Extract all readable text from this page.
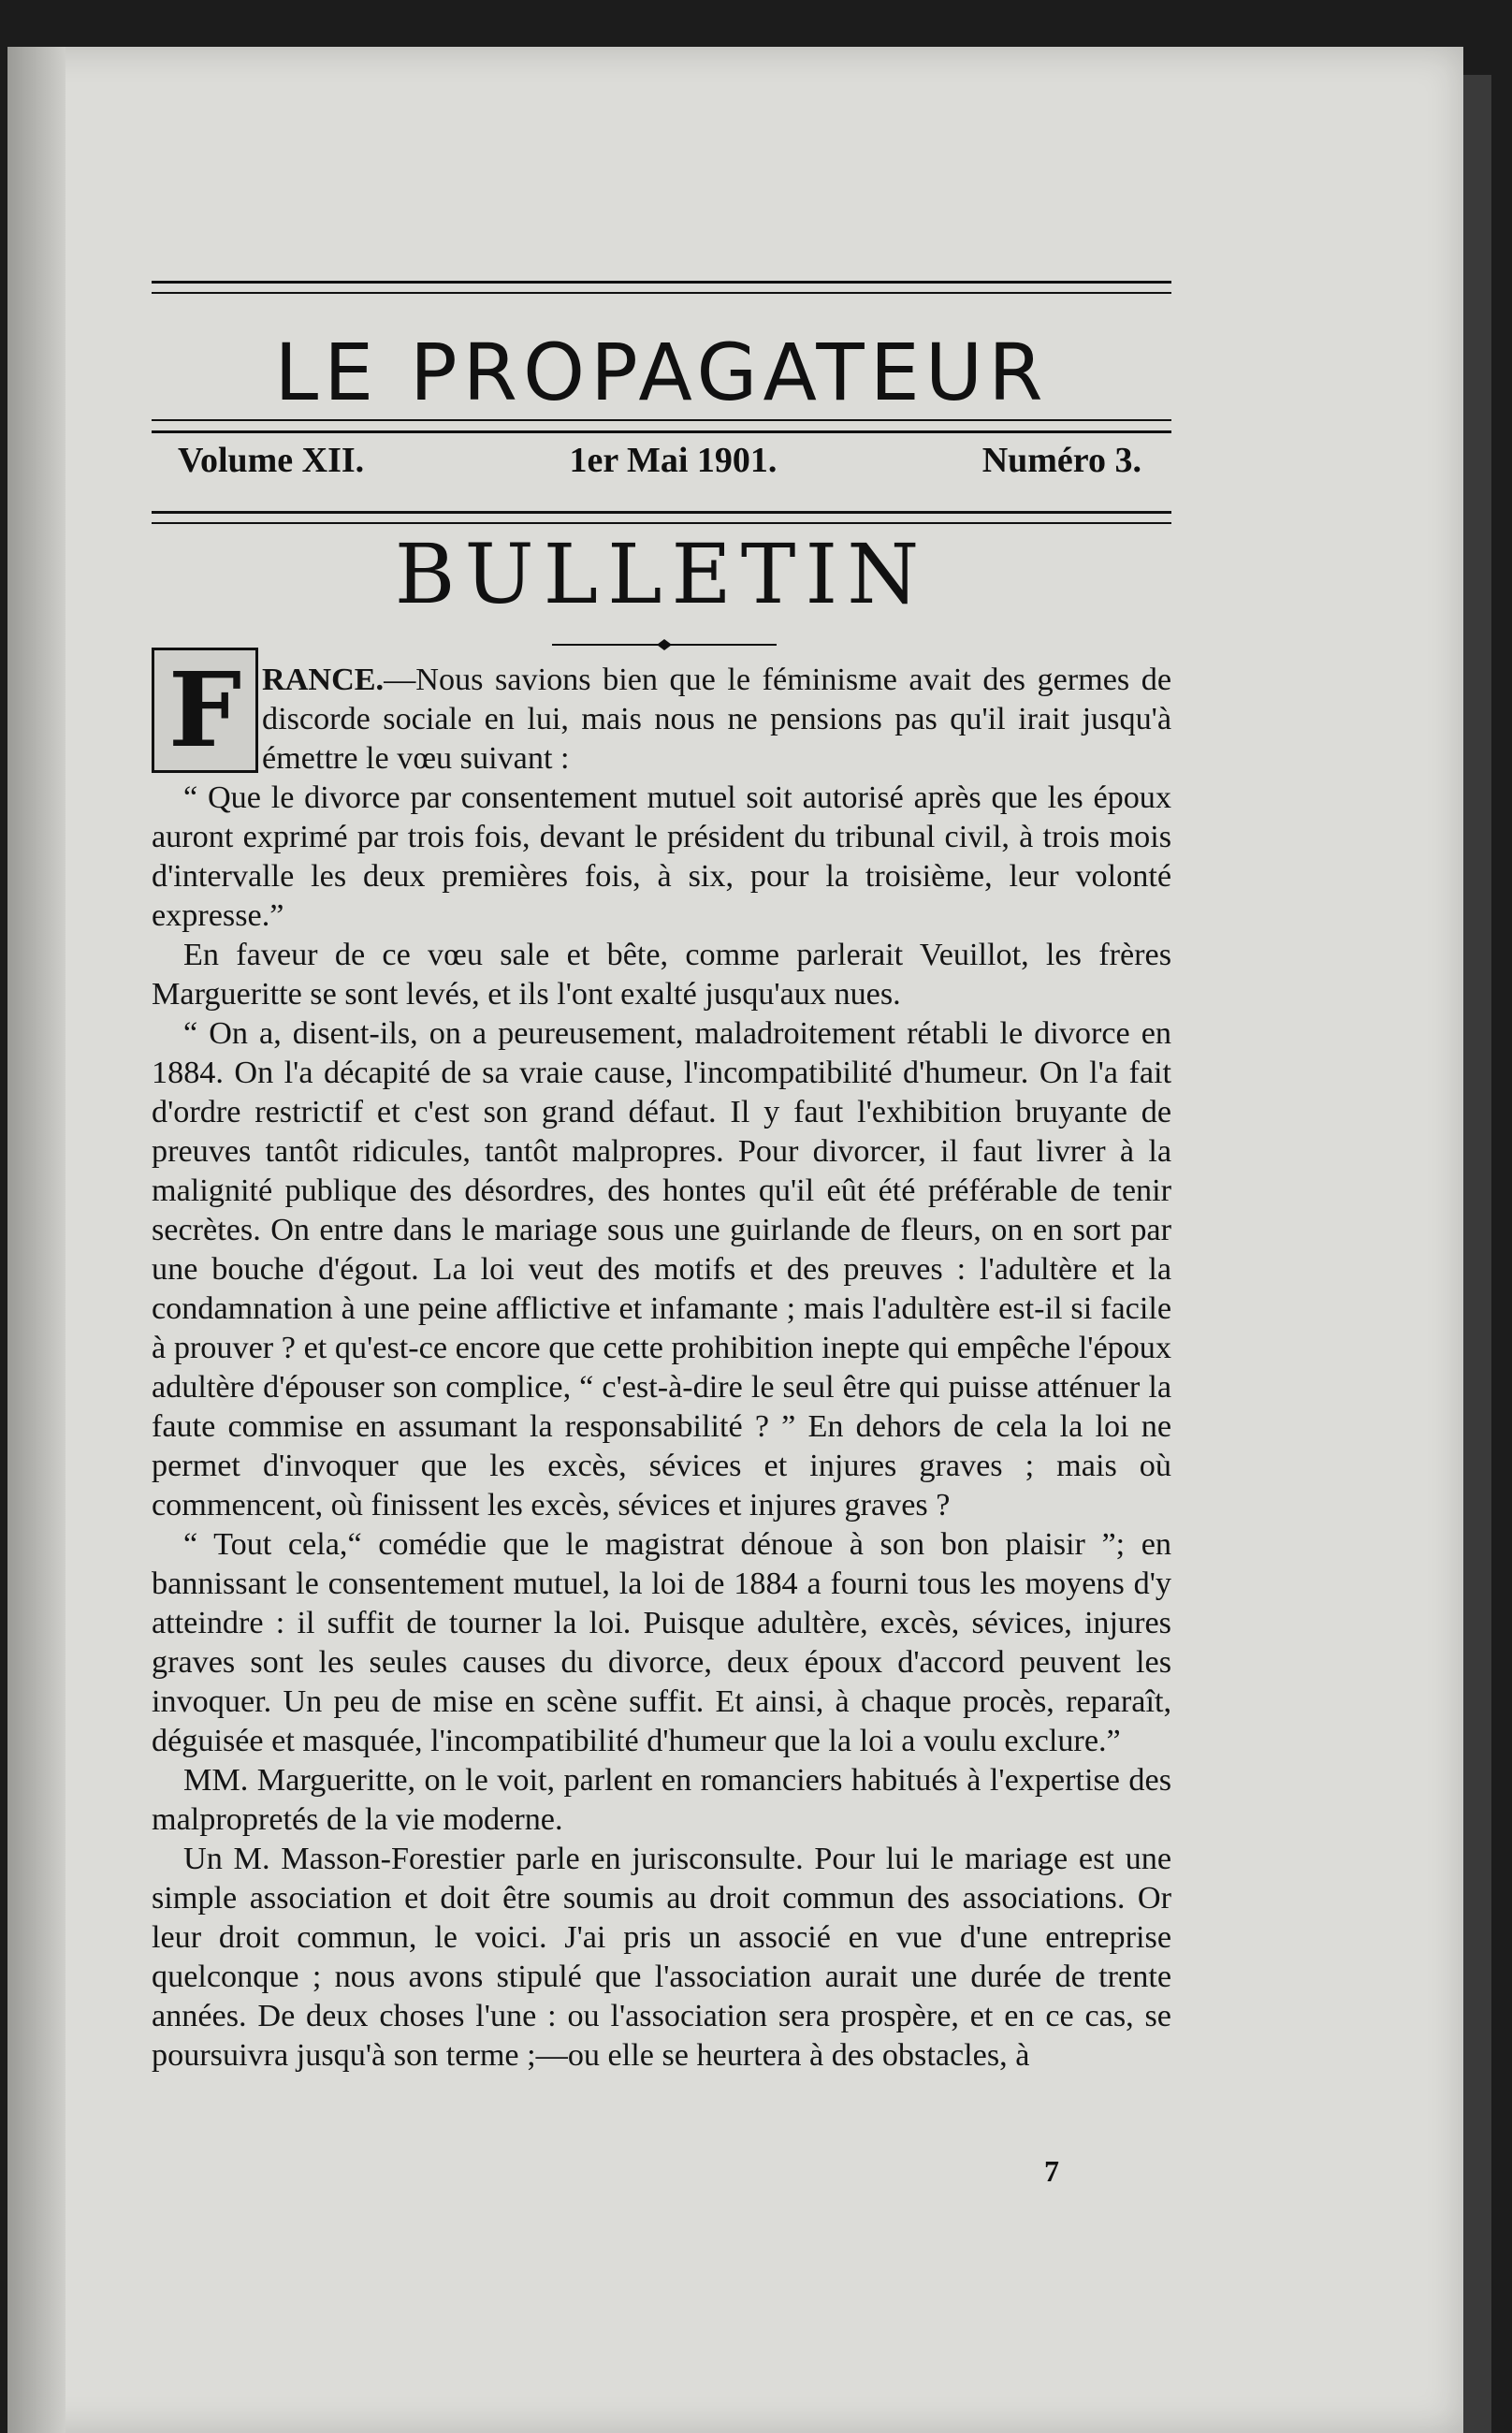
LE PROPAGATEUR
Volume XII.	1er Mai 1901.	Numéro 3.
BULLETIN
F RANCE.—Nous savions bien que le féminisme avait des germes de discorde sociale en lui, mais nous ne pensions pas qu'il irait jusqu'à émettre le vœu suivant :

“ Que le divorce par consentement mutuel soit autorisé après que les époux auront exprimé par trois fois, devant le président du tribunal civil, à trois mois d'intervalle les deux premières fois, à six, pour la troisième, leur volonté expresse.”

En faveur de ce vœu sale et bête, comme parlerait Veuillot, les frères Margueritte se sont levés, et ils l'ont exalté jusqu'aux nues.

“ On a, disent-ils, on a peureusement, maladroitement rétabli le divorce en 1884. On l'a décapité de sa vraie cause, l'incompatibilité d'humeur. On l'a fait d'ordre restrictif et c'est son grand défaut. Il y faut l'exhibition bruyante de preuves tantôt ridicules, tantôt malpropres. Pour divorcer, il faut livrer à la malignité publique des désordres, des hontes qu'il eût été préférable de tenir secrètes. On entre dans le mariage sous une guirlande de fleurs, on en sort par une bouche d'égout. La loi veut des motifs et des preuves : l'adultère et la condamnation à une peine afflictive et infamante ; mais l'adultère est-il si facile à prouver ? et qu'est-ce encore que cette prohibition inepte qui empêche l'époux adultère d'épouser son complice, “ c'est-à-dire le seul être qui puisse atténuer la faute commise en assumant la responsabilité ? ” En dehors de cela la loi ne permet d'invoquer que les excès, sévices et injures graves ; mais où commencent, où finissent les excès, sévices et injures graves ?

“ Tout cela,“ comédie que le magistrat dénoue à son bon plaisir ”; en bannissant le consentement mutuel, la loi de 1884 a fourni tous les moyens d'y atteindre : il suffit de tourner la loi. Puisque adultère, excès, sévices, injures graves sont les seules causes du divorce, deux époux d'accord peuvent les invoquer. Un peu de mise en scène suffit. Et ainsi, à chaque procès, reparaît, déguisée et masquée, l'incompatibilité d'humeur que la loi a voulu exclure.”

MM. Margueritte, on le voit, parlent en romanciers habitués à l'expertise des malpropretés de la vie moderne.

Un M. Masson-Forestier parle en jurisconsulte. Pour lui le mariage est une simple association et doit être soumis au droit commun des associations. Or leur droit commun, le voici. J'ai pris un associé en vue d'une entreprise quelconque ; nous avons stipulé que l'association aurait une durée de trente années. De deux choses l'une : ou l'association sera prospère, et en ce cas, se poursuivra jusqu'à son terme ;—ou elle se heurtera à des obstacles, à

7
